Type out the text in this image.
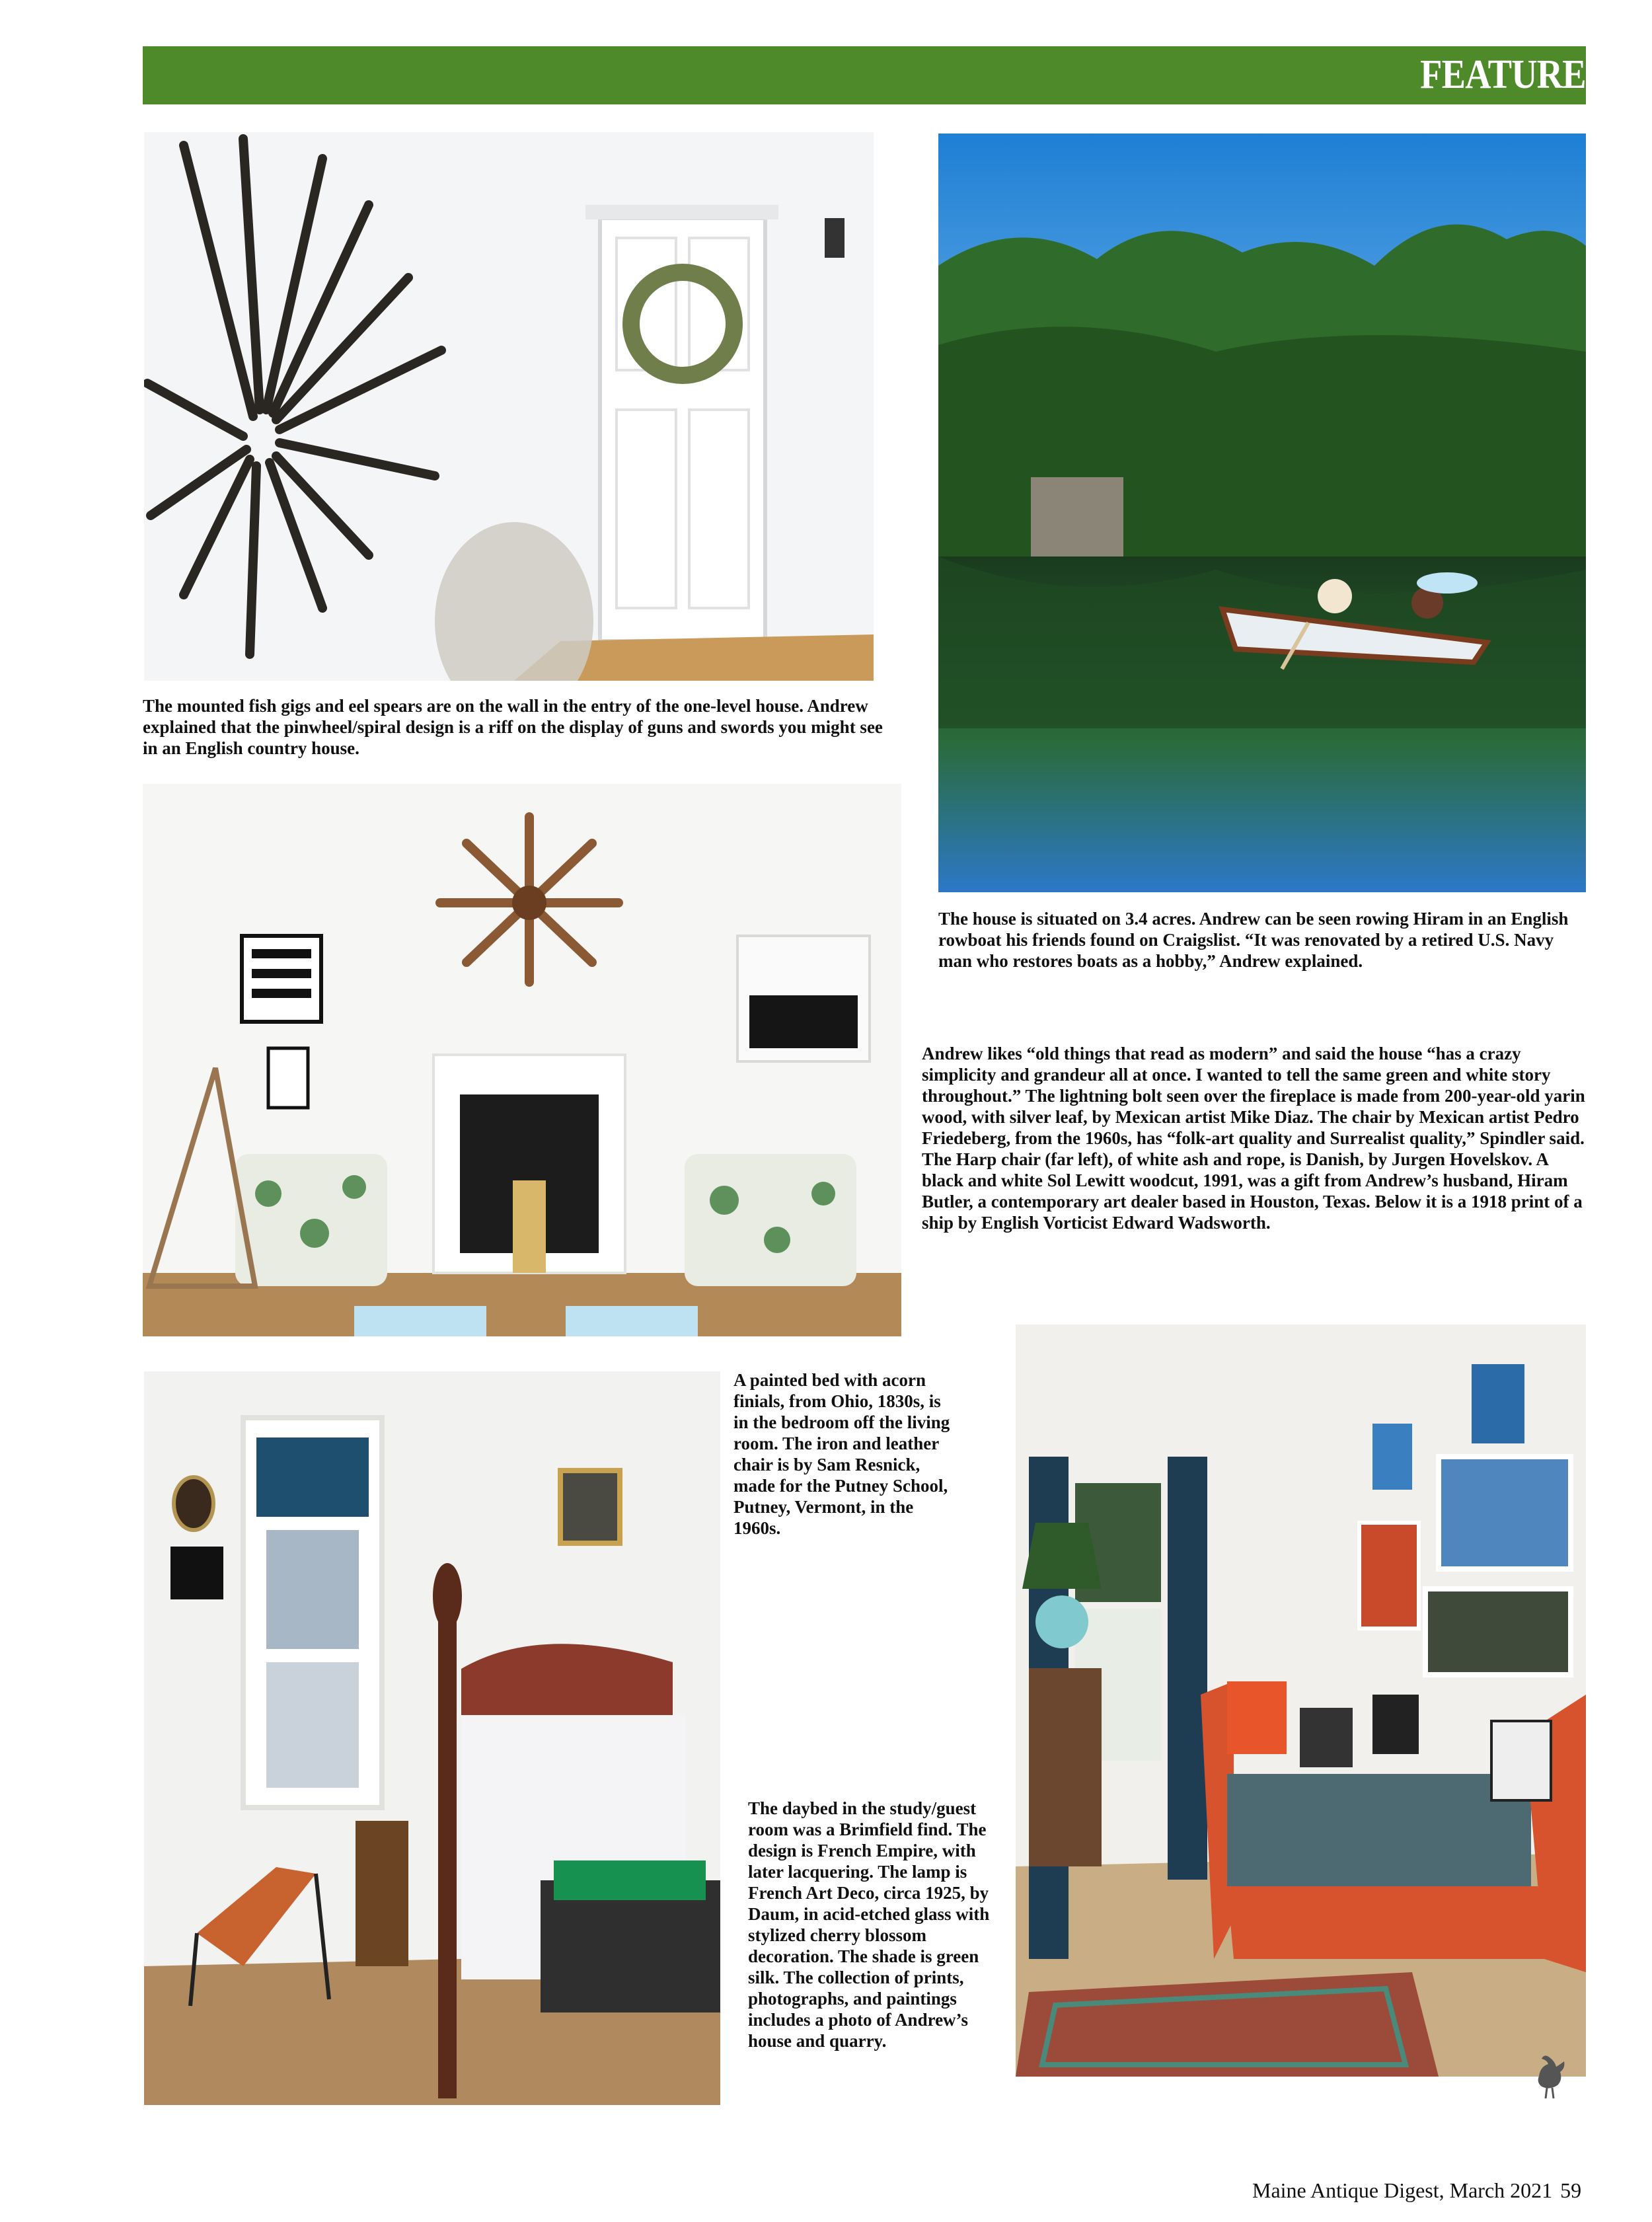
FEATURE

The mounted fish gigs and eel spears are on the wall in the entry of the one-level house. Andrew explained that the pinwheel/spiral design is a riff on the display of guns and swords you might see in an English country house.

The house is situated on 3.4 acres. Andrew can be seen rowing Hiram in an English rowboat his friends found on Craigslist. “It was renovated by a retired U.S. Navy man who restores boats as a hobby,” Andrew explained.

Andrew likes “old things that read as modern” and said the house “has a crazy simplicity and grandeur all at once. I wanted to tell the same green and white story throughout.” The lightning bolt seen over the fireplace is made from 200-year-old yarin wood, with silver leaf, by Mexican artist Mike Diaz. The chair by Mexican artist Pedro Friedeberg, from the 1960s, has “folk-art quality and Surrealist quality,” Spindler said. The Harp chair (far left), of white ash and rope, is Danish, by Jurgen Hovelskov. A black and white Sol Lewitt woodcut, 1991, was a gift from Andrew’s husband, Hiram Butler, a contemporary art dealer based in Houston, Texas. Below it is a 1918 print of a ship by English Vorticist Edward Wadsworth.

A painted bed with acorn finials, from Ohio, 1830s, is in the bedroom off the living room. The iron and leather chair is by Sam Resnick, made for the Putney School, Putney, Vermont, in the 1960s.

The daybed in the study/guest room was a Brimfield find. The design is French Empire, with later lacquering. The lamp is French Art Deco, circa 1925, by Daum, in acid-etched glass with stylized cherry blossom decoration. The shade is green silk. The collection of prints, photographs, and paintings includes a photo of Andrew’s house and quarry.

Maine Antique Digest, March 2021 59
